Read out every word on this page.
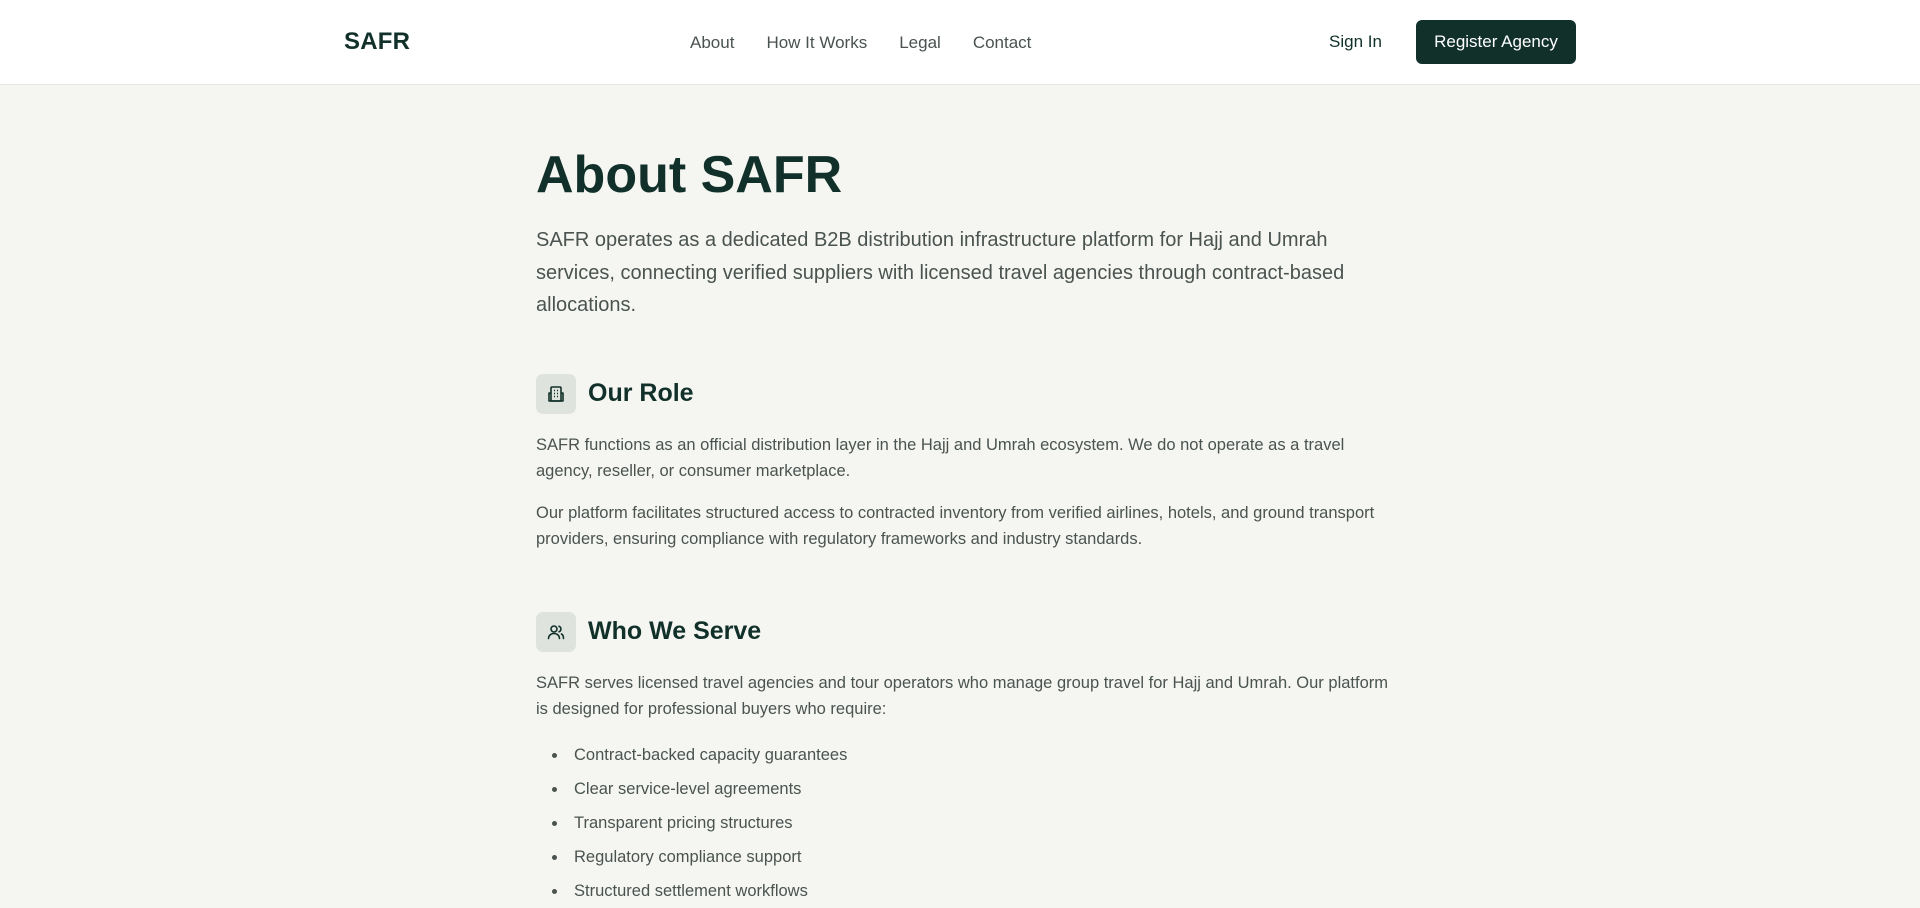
SAFR	About How It Works Legal Contact	Sign In	Register Agency
About SAFR

SAFR operates as a dedicated B2B distribution infrastructure platform for Hajj and Umrah services, connecting verified suppliers with licensed travel agencies through contract-based allocations.

Our Role

SAFR functions as an official distribution layer in the Hajj and Umrah ecosystem. We do not operate as a travel agency, reseller, or consumer marketplace.

Our platform facilitates structured access to contracted inventory from verified airlines, hotels, and ground transport providers, ensuring compliance with regulatory frameworks and industry standards.

Who We Serve

SAFR serves licensed travel agencies and tour operators who manage group travel for Hajj and Umrah. Our platform is designed for professional buyers who require:

Contract-backed capacity guarantees
Clear service-level agreements
Transparent pricing structures
Regulatory compliance support
Structured settlement workflows
